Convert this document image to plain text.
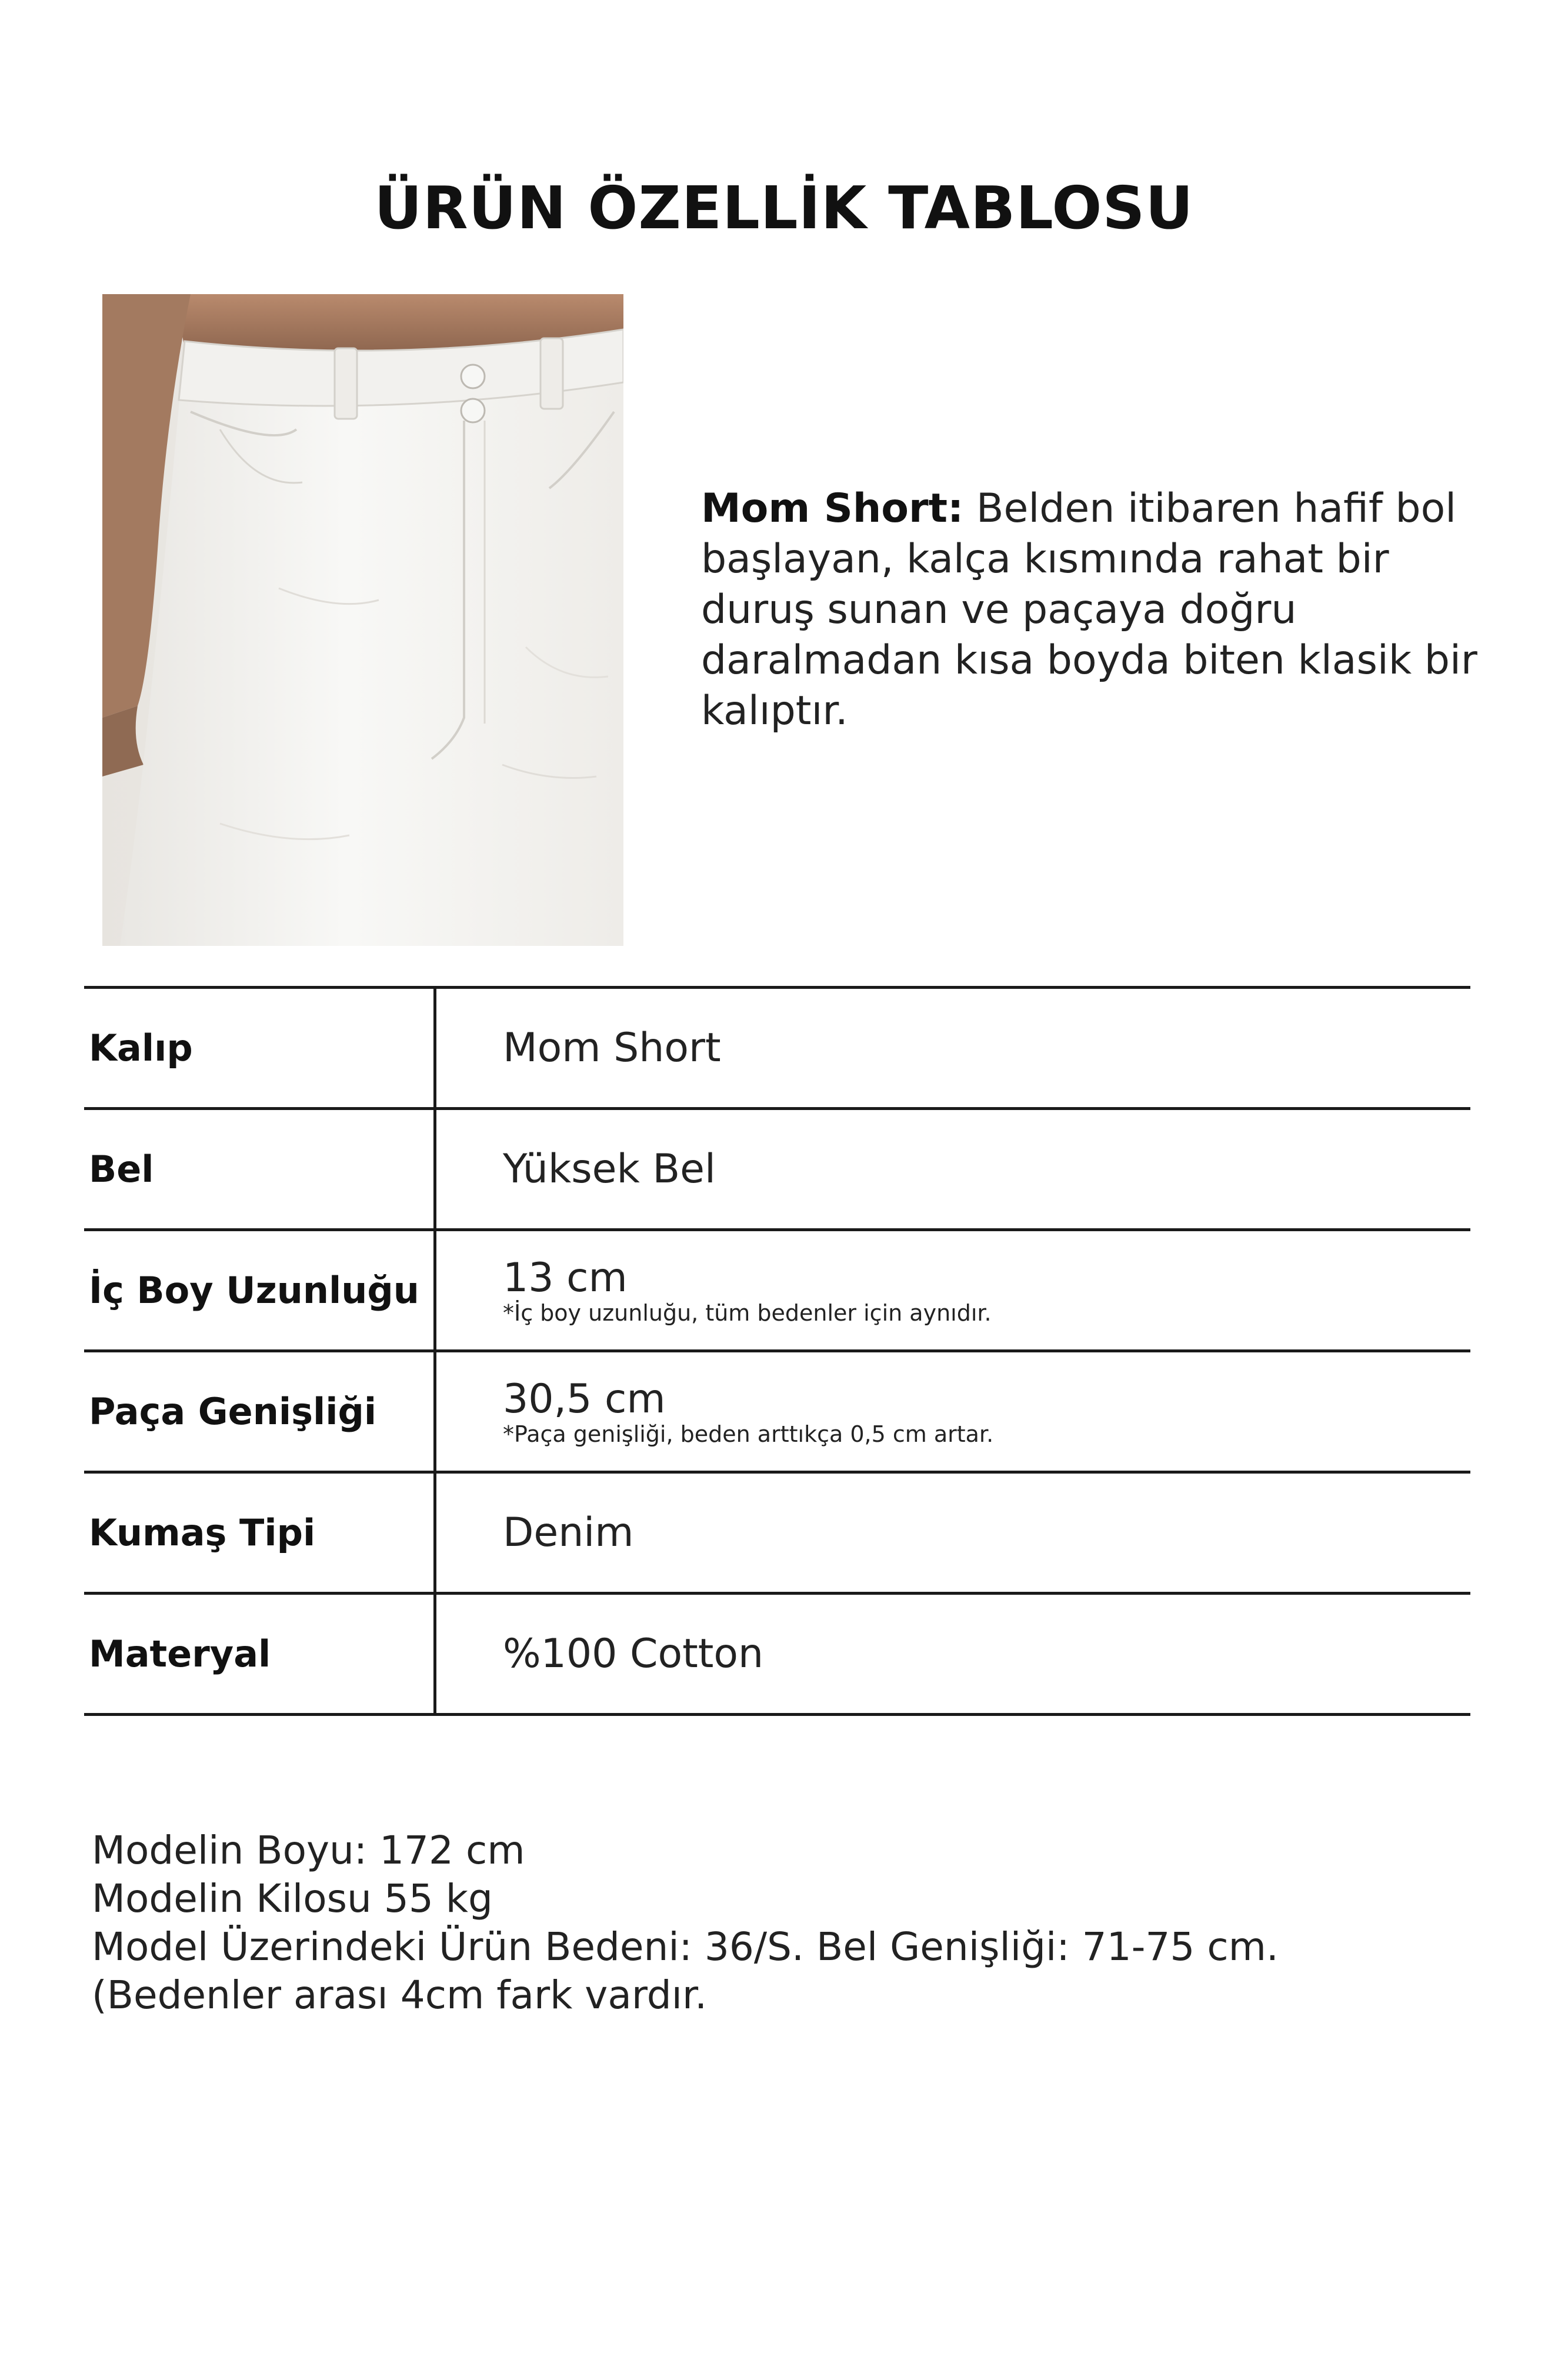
ÜRÜN ÖZELLİK TABLOSU
Mom Short: Belden itibaren hafif bol başlayan, kalça kısmında rahat bir duruş sunan ve paçaya doğru daralmadan kısa boyda biten klasik bir kalıptır.
Kalıp	Mom Short
Bel	Yüksek Bel
İç Boy Uzunluğu 13 cm
*İç boy uzunluğu, tüm bedenler için aynıdır.
Paça Genişliği	30,5 cm
*Paça genişliği, beden arttıkça 0,5 cm artar.
Kumaş Tipi	Denim
Materyal	%100 Cotton
Modelin Boyu: 172 cm
Modelin Kilosu 55 kg
Model Üzerindeki Ürün Bedeni: 36/S. Bel Genişliği: 71-75 cm. (Bedenler arası 4cm fark vardır.
